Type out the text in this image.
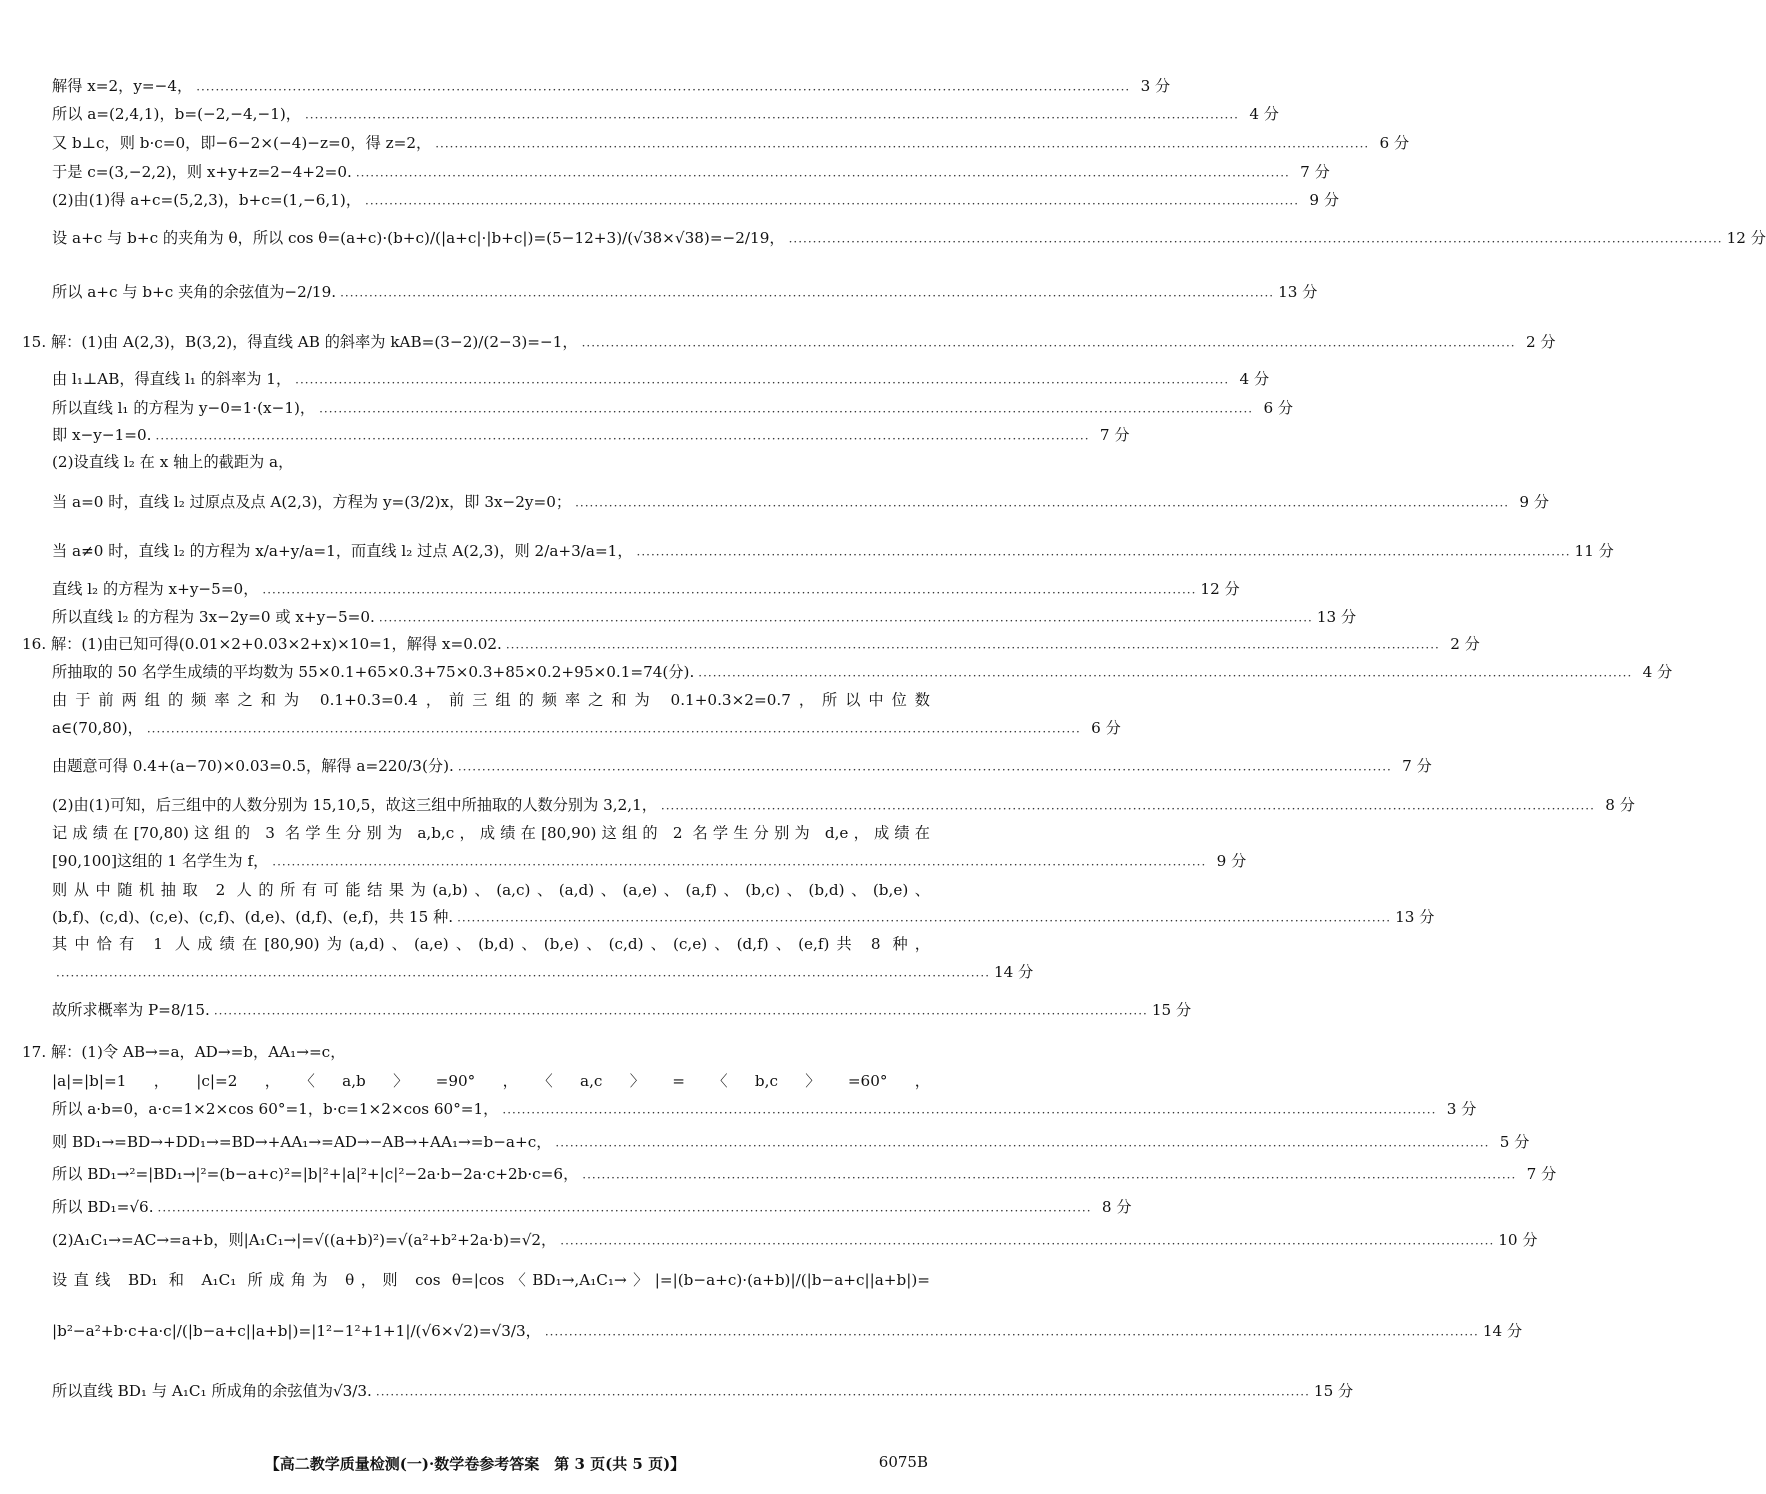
解得 x=2，y=−4， ·····	3 分
所以 a=(2,4,1)，b=(−2,−4,−1)， ·····	4 分
又 b⊥c，则 b·c=0，即−6−2×(−4)−z=0，得 z=2， ·····	6 分
于是 c=(3,−2,2)，则 x+y+z=2−4+2=0. ·····	7 分
(2)由(1)得 a+c=(5,2,3)，b+c=(1,−6,1)， ·····	9 分
设 a+c 与 b+c 的夹角为 θ，所以 cos θ=(a+c)·(b+c)/(|a+c|·|b+c|)=(5−12+3)/(√38×√38)=−2/19， ·····	12 分
所以 a+c 与 b+c 夹角的余弦值为−2/19. ·····	13 分
15. 解：(1)由 A(2,3)，B(3,2)，得直线 AB 的斜率为 kAB=(3−2)/(2−3)=−1， ·····	2 分
由 l₁⊥AB，得直线 l₁ 的斜率为 1， ·····	4 分
所以直线 l₁ 的方程为 y−0=1·(x−1)， ·····	6 分
即 x−y−1=0. ·····	7 分
(2)设直线 l₂ 在 x 轴上的截距为 a，
当 a=0 时，直线 l₂ 过原点及点 A(2,3)，方程为 y=(3/2)x，即 3x−2y=0； ·····	9 分
当 a≠0 时，直线 l₂ 的方程为 x/a+y/a=1，而直线 l₂ 过点 A(2,3)，则 2/a+3/a=1， ·····	11 分
直线 l₂ 的方程为 x+y−5=0， ·····	12 分
所以直线 l₂ 的方程为 3x−2y=0 或 x+y−5=0. ·····	13 分
16. 解：(1)由已知可得(0.01×2+0.03×2+x)×10=1，解得 x=0.02. ·····	2 分
所抽取的 50 名学生成绩的平均数为 55×0.1+65×0.3+75×0.3+85×0.2+95×0.1=74(分). ·····	4 分
由于前两组的频率之和为 0.1+0.3=0.4，前三组的频率之和为 0.1+0.3×2=0.7，所以中位数
a∈(70,80)， ·····	6 分
由题意可得 0.4+(a−70)×0.03=0.5，解得 a=220/3(分). ·····	7 分
(2)由(1)可知，后三组中的人数分别为 15,10,5，故这三组中所抽取的人数分别为 3,2,1， ·····	8 分
记成绩在[70,80)这组的 3 名学生分别为 a,b,c，成绩在[80,90)这组的 2 名学生分别为 d,e，成绩在
[90,100]这组的 1 名学生为 f， ·····	9 分
则从中随机抽取 2 人的所有可能结果为(a,b)、(a,c)、(a,d)、(a,e)、(a,f)、(b,c)、(b,d)、(b,e)、
(b,f)、(c,d)、(c,e)、(c,f)、(d,e)、(d,f)、(e,f)，共 15 种. ·····	13 分
其中恰有 1 人成绩在[80,90)为(a,d)、(a,e)、(b,d)、(b,e)、(c,d)、(c,e)、(d,f)、(e,f)共 8 种，
·····
14 分
故所求概率为 P=8/15. ·····	15 分
17. 解：(1)令 AB→=a，AD→=b，AA₁→=c，
|a|=|b|=1，|c|=2，〈a,b〉=90°，〈a,c〉=〈b,c〉=60°，
所以 a·b=0，a·c=1×2×cos 60°=1，b·c=1×2×cos 60°=1， ·····	3 分
则 BD₁→=BD→+DD₁→=BD→+AA₁→=AD→−AB→+AA₁→=b−a+c， ·····	5 分
所以 BD₁→²=|BD₁→|²=(b−a+c)²=|b|²+|a|²+|c|²−2a·b−2a·c+2b·c=6， ·····	7 分
所以 BD₁=√6. ·····	8 分
(2)A₁C₁→=AC→=a+b，则|A₁C₁→|=√((a+b)²)=√(a²+b²+2a·b)=√2， ·····	10 分
设直线 BD₁ 和 A₁C₁ 所成角为 θ，则 cos θ=|cos〈BD₁→,A₁C₁→〉|=|(b−a+c)·(a+b)|/(|b−a+c||a+b|)=
|b²−a²+b·c+a·c|/(|b−a+c||a+b|)=|1²−1²+1+1|/(√6×√2)=√3/3， ·····	14 分
所以直线 BD₁ 与 A₁C₁ 所成角的余弦值为√3/3. ·····	15 分
【高二教学质量检测(一)·数学卷参考答案　第 3 页(共 5 页)】	6075B
